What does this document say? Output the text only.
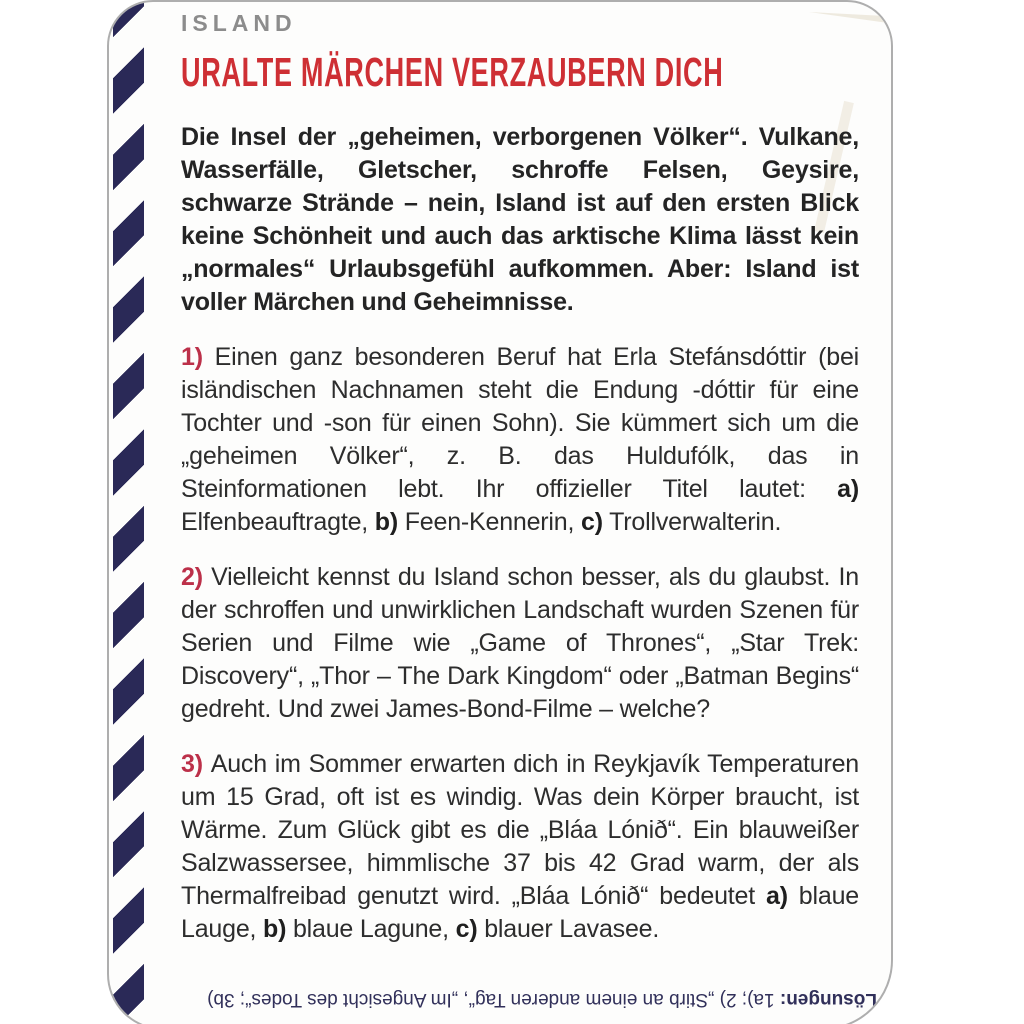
ISLAND
URALTE MÄRCHEN VERZAUBERN DICH

Die Insel der „geheimen, verborgenen Völker“. Vulkane, Wasserfälle, Gletscher, schroffe Felsen, Geysire, schwarze Strände – nein, Island ist auf den ersten Blick keine Schönheit und auch das arktische Klima lässt kein „normales“ Urlaubsgefühl aufkommen. Aber: Island ist voller Märchen und Geheimnisse.

1) Einen ganz besonderen Beruf hat Erla Stefánsdóttir (bei isländischen Nachnamen steht die Endung -dóttir für eine Tochter und -son für einen Sohn). Sie kümmert sich um die „geheimen Völker“, z. B. das Huldufólk, das in Steinformationen lebt. Ihr offizieller Titel lautet: a) Elfenbeauftragte, b) Feen-Kennerin, c) Trollverwalterin.

2) Vielleicht kennst du Island schon besser, als du glaubst. In der schroffen und unwirklichen Landschaft wurden Szenen für Serien und Filme wie „Game of Thrones“, „Star Trek: Discovery“, „Thor – The Dark Kingdom“ oder „Batman Begins“ gedreht. Und zwei James-Bond-Filme – welche?

3) Auch im Sommer erwarten dich in Reykjavík Temperaturen um 15 Grad, oft ist es windig. Was dein Körper braucht, ist Wärme. Zum Glück gibt es die „Bláa Lónið“. Ein blauweißer Salzwassersee, himmlische 37 bis 42 Grad warm, der als Thermalfreibad genutzt wird. „Bláa Lónið“ bedeutet a) blaue Lauge, b) blaue Lagune, c) blauer Lavasee.

Lösungen: 1a); 2) „Stirb an einem anderen Tag“, „Im Angesicht des Todes“; 3b)
